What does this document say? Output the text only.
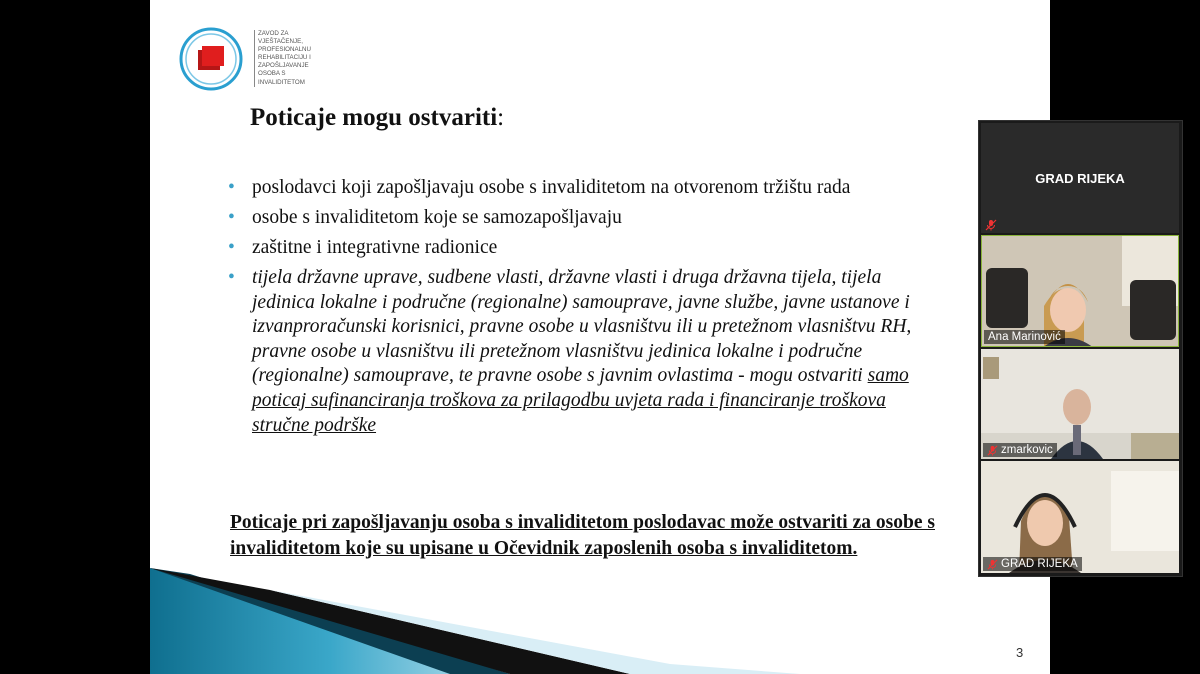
ZAVOD ZA
VJEŠTAČENJE,
PROFESIONALNU
REHABILITACIJU I
ZAPOŠLJAVANJE
OSOBA S
INVALIDITETOM
Poticaje mogu ostvariti:
• poslodavci koji zapošljavaju osobe s invaliditetom na otvorenom tržištu rada
• osobe s invaliditetom koje se samozapošljavaju
• zaštitne i integrativne radionice
• tijela državne uprave, sudbene vlasti, državne vlasti i druga državna tijela, tijela jedinica lokalne i područne (regionalne) samouprave, javne službe, javne ustanove i izvanproračunski korisnici, pravne osobe u vlasništvu ili u pretežnom vlasništvu RH, pravne osobe u vlasništvu ili pretežnom vlasništvu jedinica lokalne i područne (regionalne) samouprave, te pravne osobe s javnim ovlastima - mogu ostvariti samo poticaj sufinanciranja troškova za prilagodbu uvjeta rada i financiranje troškova stručne podrške
Poticaje pri zapošljavanju osoba s invaliditetom poslodavac može ostvariti za osobe s invaliditetom koje su upisane u Očevidnik zaposlenih osoba s invaliditetom.
3
GRAD RIJEKA
Ana Marinović
zmarkovic
GRAD RIJEKA
